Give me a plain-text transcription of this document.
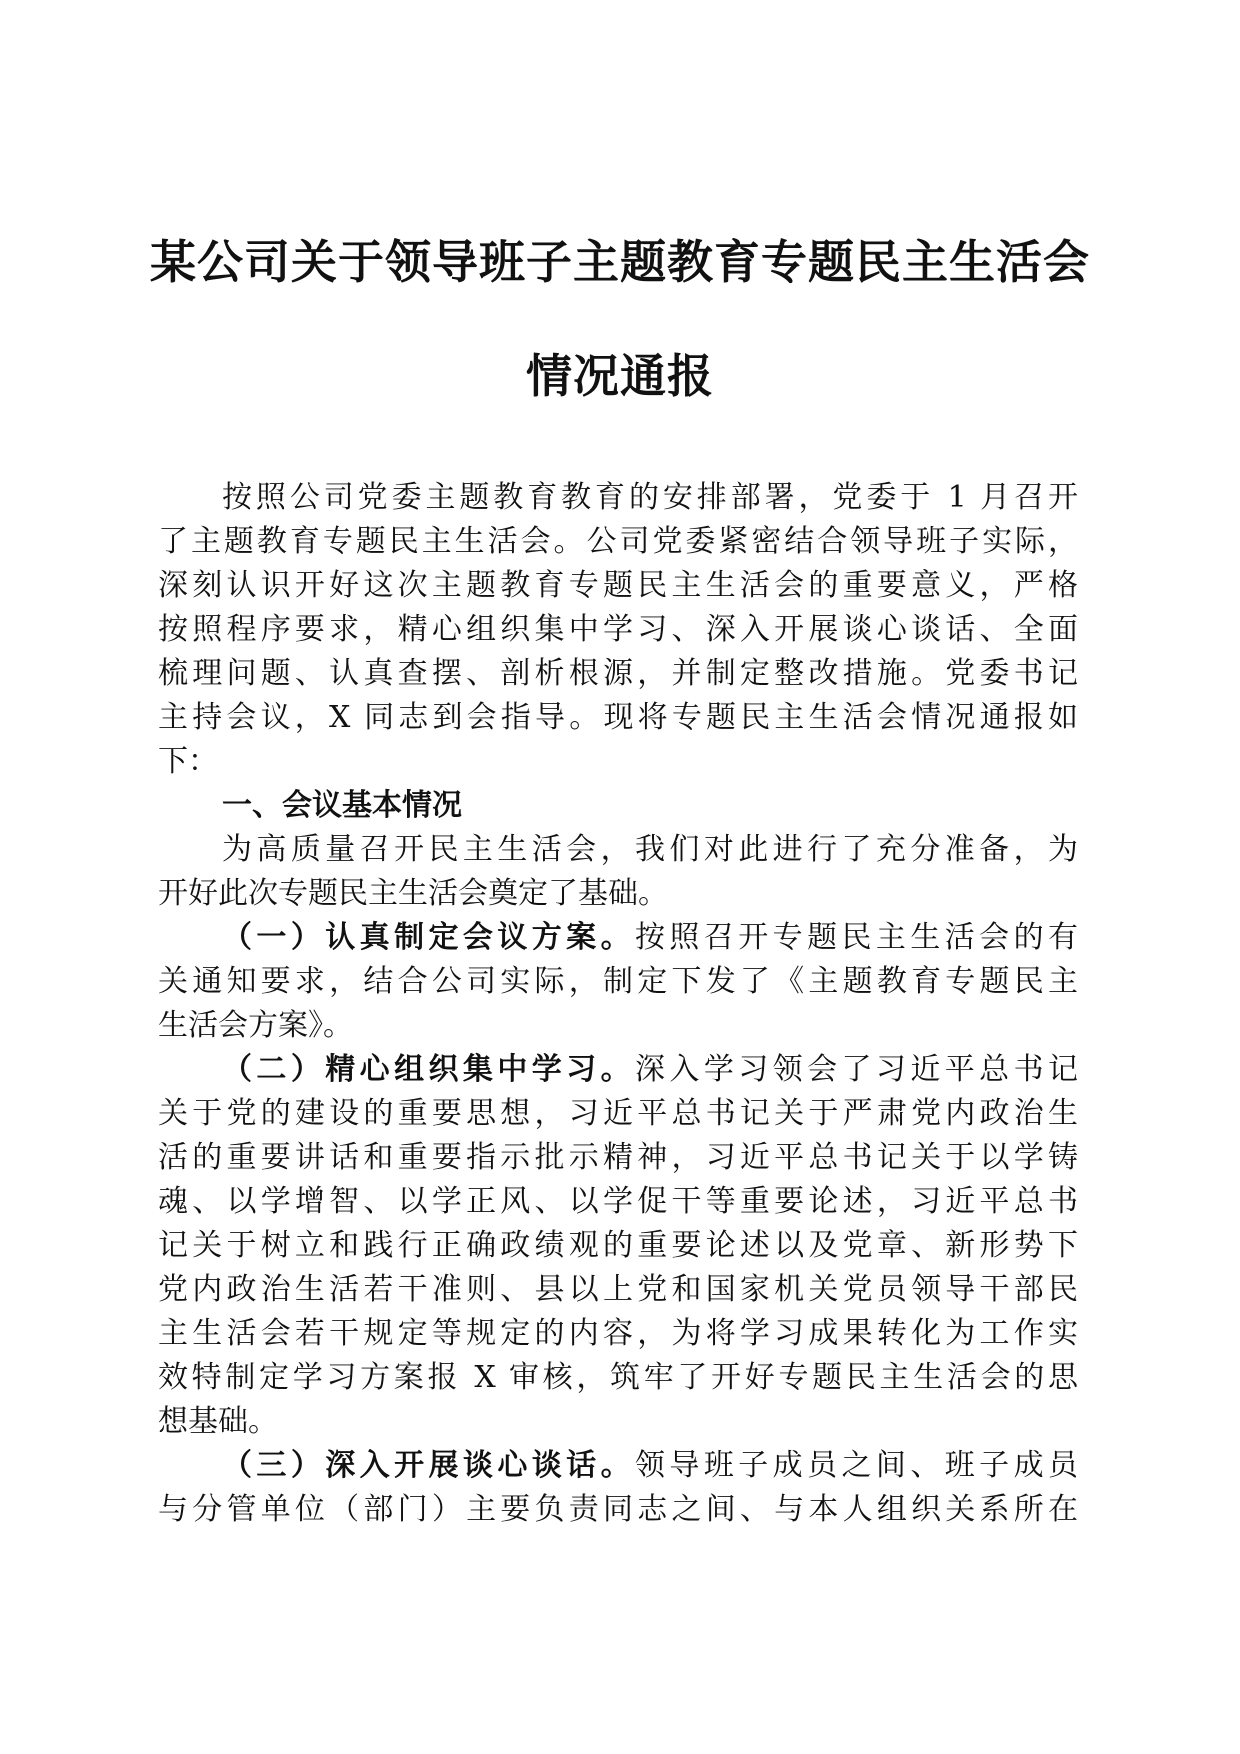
某公司关于领导班子主题教育专题民主生活会
情况通报
按照公司党委主题教育教育的安排部署，党委于 1 月召开
了主题教育专题民主生活会。公司党委紧密结合领导班子实际，
深刻认识开好这次主题教育专题民主生活会的重要意义，严格
按照程序要求，精心组织集中学习、深入开展谈心谈话、全面
梳理问题、认真查摆、剖析根源，并制定整改措施。党委书记
主持会议，X 同志到会指导。现将专题民主生活会情况通报如
下：
一、会议基本情况
为高质量召开民主生活会，我们对此进行了充分准备，为
开好此次专题民主生活会奠定了基础。
（一）认真制定会议方案。按照召开专题民主生活会的有
关通知要求，结合公司实际，制定下发了《主题教育专题民主
生活会方案》。
（二）精心组织集中学习。深入学习领会了习近平总书记
关于党的建设的重要思想，习近平总书记关于严肃党内政治生
活的重要讲话和重要指示批示精神，习近平总书记关于以学铸
魂、以学增智、以学正风、以学促干等重要论述，习近平总书
记关于树立和践行正确政绩观的重要论述以及党章、新形势下
党内政治生活若干准则、县以上党和国家机关党员领导干部民
主生活会若干规定等规定的内容，为将学习成果转化为工作实
效特制定学习方案报 X 审核，筑牢了开好专题民主生活会的思
想基础。
（三）深入开展谈心谈话。领导班子成员之间、班子成员
与分管单位（部门）主要负责同志之间、与本人组织关系所在
